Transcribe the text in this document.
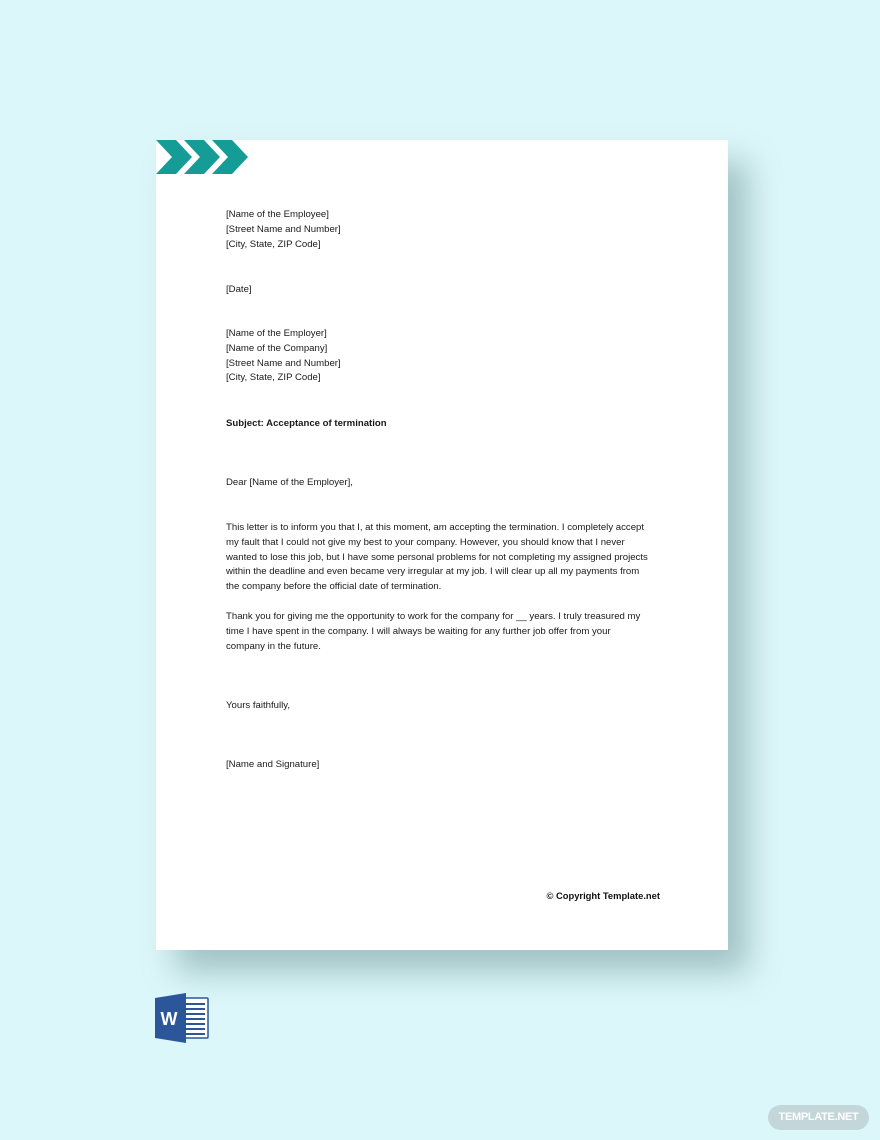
[Name of the Employee]
[Street Name and Number]
[City, State, ZIP Code]
[Date]
[Name of the Employer]
[Name of the Company]
[Street Name and Number]
[City, State, ZIP Code]
Subject: Acceptance of termination
Dear [Name of the Employer],
This letter is to inform you that I, at this moment, am accepting the termination. I completely accept
my fault that I could not give my best to your company. However, you should know that I never
wanted to lose this job, but I have some personal problems for not completing my assigned projects
within the deadline and even became very irregular at my job. I will clear up all my payments from
the company before the official date of termination.
Thank you for giving me the opportunity to work for the company for __ years. I truly treasured my
time I have spent in the company. I will always be waiting for any further job offer from your
company in the future.
Yours faithfully,
[Name and Signature]
© Copyright Template.net
W
TEMPLATE.NET
